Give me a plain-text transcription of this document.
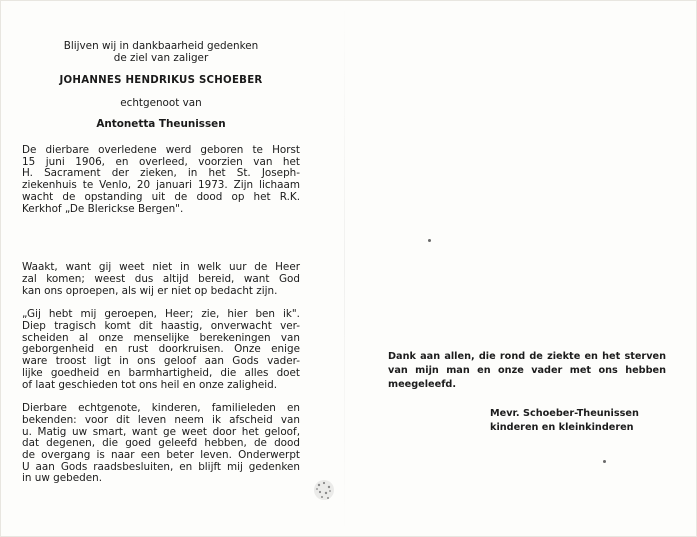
Blijven wij in dankbaarheid gedenken
de ziel van zaliger
JOHANNES HENDRIKUS SCHOEBER
echtgenoot van
Antonetta Theunissen
De dierbare overledene werd geboren te Horst
15 juni 1906, en overleed, voorzien van het
H. Sacrament der zieken, in het St. Joseph-
ziekenhuis te Venlo, 20 januari 1973. Zijn lichaam
wacht de opstanding uit de dood op het R.K.
Kerkhof „De Blerickse Bergen".
Waakt, want gij weet niet in welk uur de Heer
zal komen; weest dus altijd bereid, want God
kan ons oproepen, als wij er niet op bedacht zijn.
„Gij hebt mij geroepen, Heer; zie, hier ben ik".
Diep tragisch komt dit haastig, onverwacht ver-
scheiden al onze menselijke berekeningen van
geborgenheid en rust doorkruisen. Onze enige
ware troost ligt in ons geloof aan Gods vader-
lijke goedheid en barmhartigheid, die alles doet
of laat geschieden tot ons heil en onze zaligheid.
Dierbare echtgenote, kinderen, familieleden en
bekenden: voor dit leven neem ik afscheid van
u. Matig uw smart, want ge weet door het geloof,
dat degenen, die goed geleefd hebben, de dood
de overgang is naar een beter leven. Onderwerpt
U aan Gods raadsbesluiten, en blijft mij gedenken
in uw gebeden.
Dank aan allen, die rond de ziekte en het sterven
van mijn man en onze vader met ons hebben
meegeleefd.
Mevr. Schoeber-Theunissen
kinderen en kleinkinderen
